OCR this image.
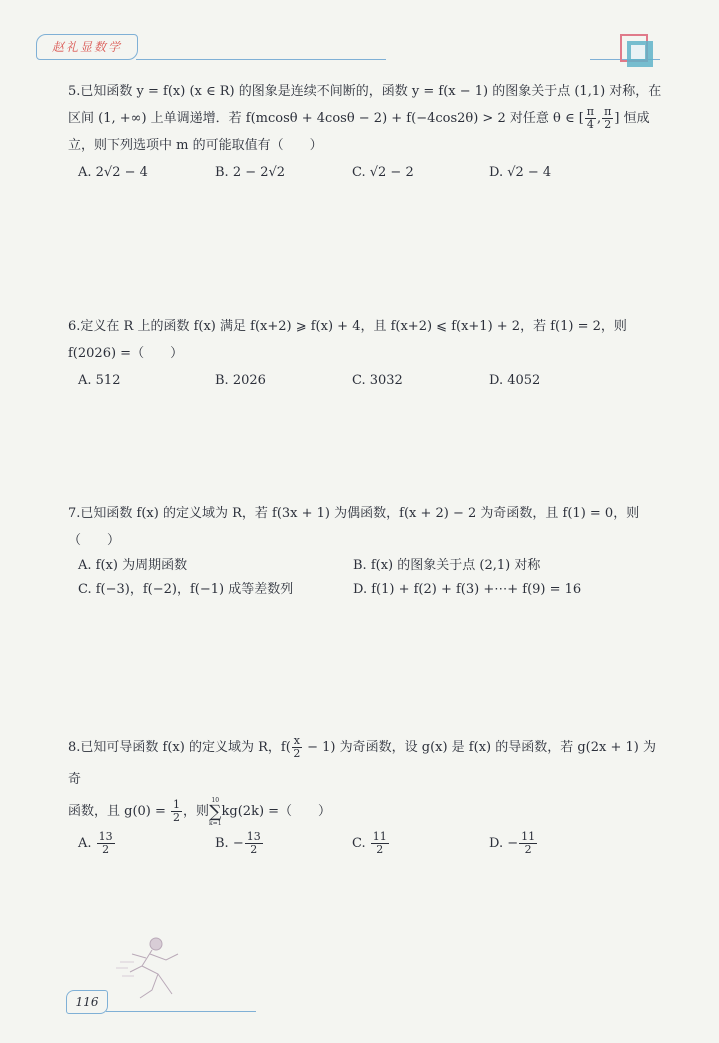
赵礼显数学
5.已知函数 y = f(x) (x ∈ R) 的图象是连续不间断的，函数 y = f(x − 1) 的图象关于点 (1,1) 对称，在
区间 (1, +∞) 上单调递增．若 f(mcosθ + 4cosθ − 2) + f(−4cos2θ) > 2 对任意 θ ∈ [ $\frac{\pi}{4}$ , $\frac{\pi}{2}$ ] 恒成
立，则下列选项中 m 的可能取值有（　　）
A. 2√2 − 4	B. 2 − 2√2	C. √2 − 2	D. √2 − 4
6.定义在 R 上的函数 f(x) 满足 f(x+2) ⩾ f(x) + 4，且 f(x+2) ⩽ f(x+1) + 2，若 f(1) = 2，则
f(2026) =（　　）
A. 512	B. 2026	C. 3032	D. 4052
7.已知函数 f(x) 的定义域为 R，若 f(3x + 1) 为偶函数，f(x + 2) − 2 为奇函数，且 f(1) = 0，则
（　　）
A. f(x) 为周期函数	B. f(x) 的图象关于点 (2,1) 对称
C. f(−3)，f(−2)，f(−1) 成等差数列	D. f(1) + f(2) + f(3) +⋯+ f(9) = 16
8.已知可导函数 f(x) 的定义域为 R，$f( \frac{x}{2} - 1)$ 为奇函数，设 g(x) 是 f(x) 的导函数，若 g(2x + 1) 为奇
函数，且 $g(0) = \frac{1}{2}$ ，则
10
∑
k=1
kg(2k) =（　　）
A. $\frac{13}{2}$	B. − $\frac{13}{2}$	C. $\frac{11}{2}$	D. − $\frac{11}{2}$
116
